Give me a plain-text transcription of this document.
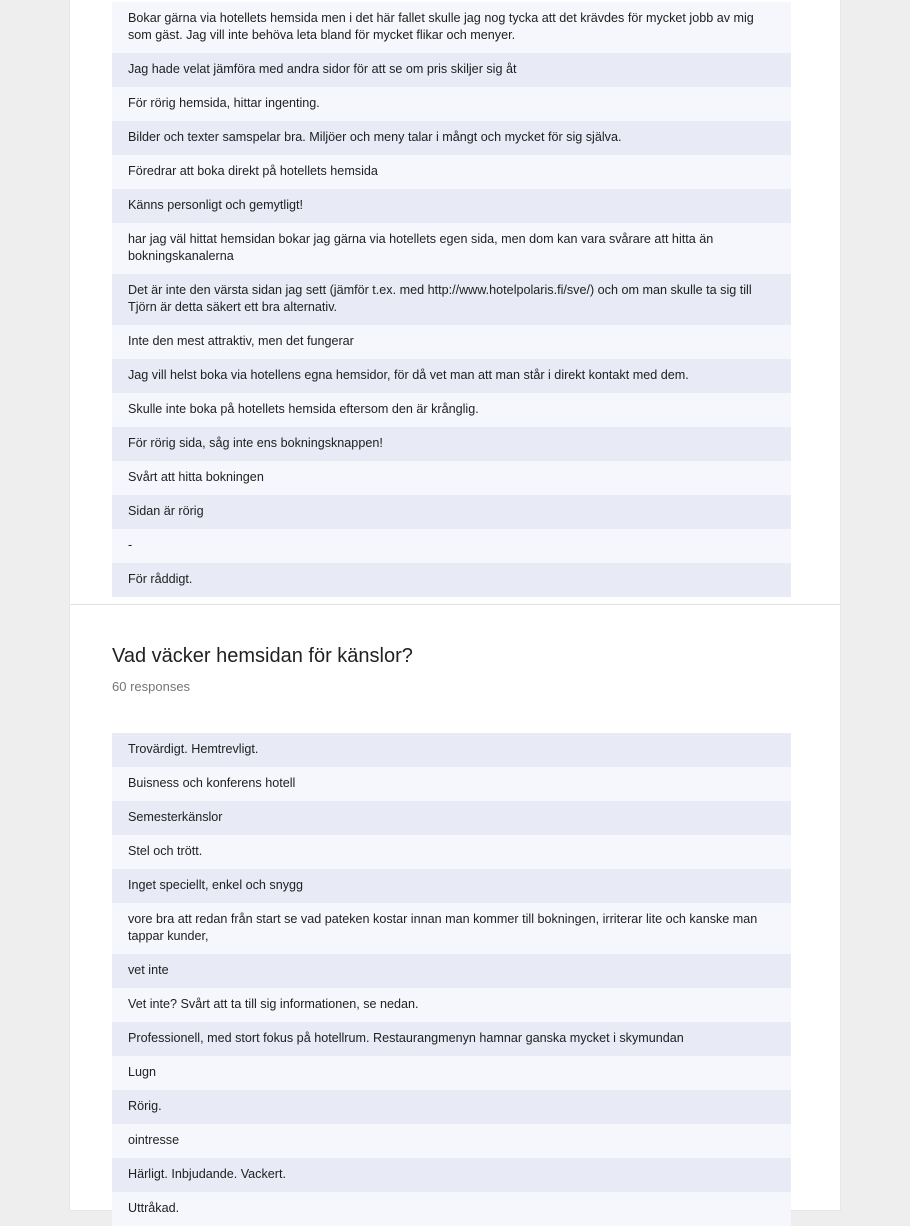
Bokar gärna via hotellets hemsida men i det här fallet skulle jag nog tycka att det krävdes för mycket jobb av mig som gäst. Jag vill inte behöva leta bland för mycket flikar och menyer.
Jag hade velat jämföra med andra sidor för att se om pris skiljer sig åt
För rörig hemsida, hittar ingenting.
Bilder och texter samspelar bra. Miljöer och meny talar i mångt och mycket för sig själva.
Föredrar att boka direkt på hotellets hemsida
Känns personligt och gemytligt!
har jag väl hittat hemsidan bokar jag gärna via hotellets egen sida, men dom kan vara svårare att hitta än bokningskanalerna
Det är inte den värsta sidan jag sett (jämför t.ex. med http://www.hotelpolaris.fi/sve/) och om man skulle ta sig till Tjörn är detta säkert ett bra alternativ.
Inte den mest attraktiv, men det fungerar
Jag vill helst boka via hotellens egna hemsidor, för då vet man att man står i direkt kontakt med dem.
Skulle inte boka på hotellets hemsida eftersom den är krånglig.
För rörig sida, såg inte ens bokningsknappen!
Svårt att hitta bokningen
Sidan är rörig
-
För råddigt.
Vad väcker hemsidan för känslor?
60 responses
Trovärdigt. Hemtrevligt.
Buisness och konferens hotell
Semesterkänslor
Stel och trött.
Inget speciellt, enkel och snygg
vore bra att redan från start se vad pateken kostar innan man kommer till bokningen, irriterar lite och kanske man tappar kunder,
vet inte
Vet inte? Svårt att ta till sig informationen, se nedan.
Professionell, med stort fokus på hotellrum. Restaurangmenyn hamnar ganska mycket i skymundan
Lugn
Rörig.
ointresse
Härligt. Inbjudande. Vackert.
Uttråkad.
